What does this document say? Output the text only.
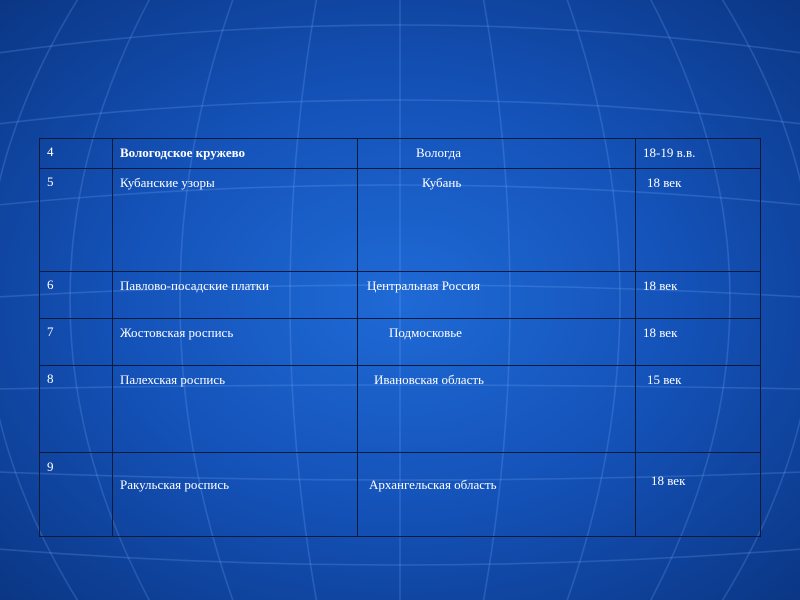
4	Вологодское кружево	Вологда	18-19 в.в.

5	Кубанские узоры	Кубань	18 век

6	Павлово-посадские платки	Центральная Россия	18 век

7	Жостовская роспись	Подмосковье	18 век

8	Палехская роспись	Ивановская область	15 век

9	Ракульская роспись	Архангельская область	18 век
